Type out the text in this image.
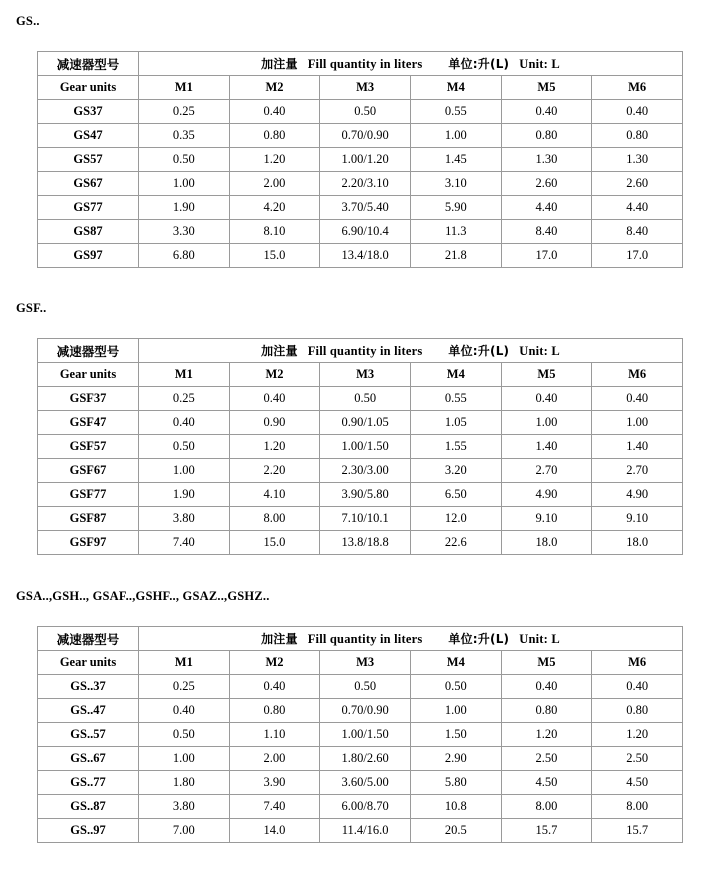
GS..
减速器型号	加注量 Fill quantity in liters 单位:升(L) Unit: L					
Gear units	M1	M2	M3	M4	M5	M6
GS37	0.25	0.40	0.50	0.55	0.40	0.40
GS47	0.35	0.80	0.70/0.90	1.00	0.80	0.80
GS57	0.50	1.20	1.00/1.20	1.45	1.30	1.30
GS67	1.00	2.00	2.20/3.10	3.10	2.60	2.60
GS77	1.90	4.20	3.70/5.40	5.90	4.40	4.40
GS87	3.30	8.10	6.90/10.4	11.3	8.40	8.40
GS97	6.80	15.0	13.4/18.0	21.8	17.0	17.0
GSF..
减速器型号	加注量 Fill quantity in liters 单位:升(L) Unit: L					
Gear units	M1	M2	M3	M4	M5	M6
GSF37	0.25	0.40	0.50	0.55	0.40	0.40
GSF47	0.40	0.90	0.90/1.05	1.05	1.00	1.00
GSF57	0.50	1.20	1.00/1.50	1.55	1.40	1.40
GSF67	1.00	2.20	2.30/3.00	3.20	2.70	2.70
GSF77	1.90	4.10	3.90/5.80	6.50	4.90	4.90
GSF87	3.80	8.00	7.10/10.1	12.0	9.10	9.10
GSF97	7.40	15.0	13.8/18.8	22.6	18.0	18.0
GSA..,GSH.., GSAF..,GSHF.., GSAZ..,GSHZ..
减速器型号	加注量 Fill quantity in liters 单位:升(L) Unit: L					
Gear units	M1	M2	M3	M4	M5	M6
GS..37	0.25	0.40	0.50	0.50	0.40	0.40
GS..47	0.40	0.80	0.70/0.90	1.00	0.80	0.80
GS..57	0.50	1.10	1.00/1.50	1.50	1.20	1.20
GS..67	1.00	2.00	1.80/2.60	2.90	2.50	2.50
GS..77	1.80	3.90	3.60/5.00	5.80	4.50	4.50
GS..87	3.80	7.40	6.00/8.70	10.8	8.00	8.00
GS..97	7.00	14.0	11.4/16.0	20.5	15.7	15.7
